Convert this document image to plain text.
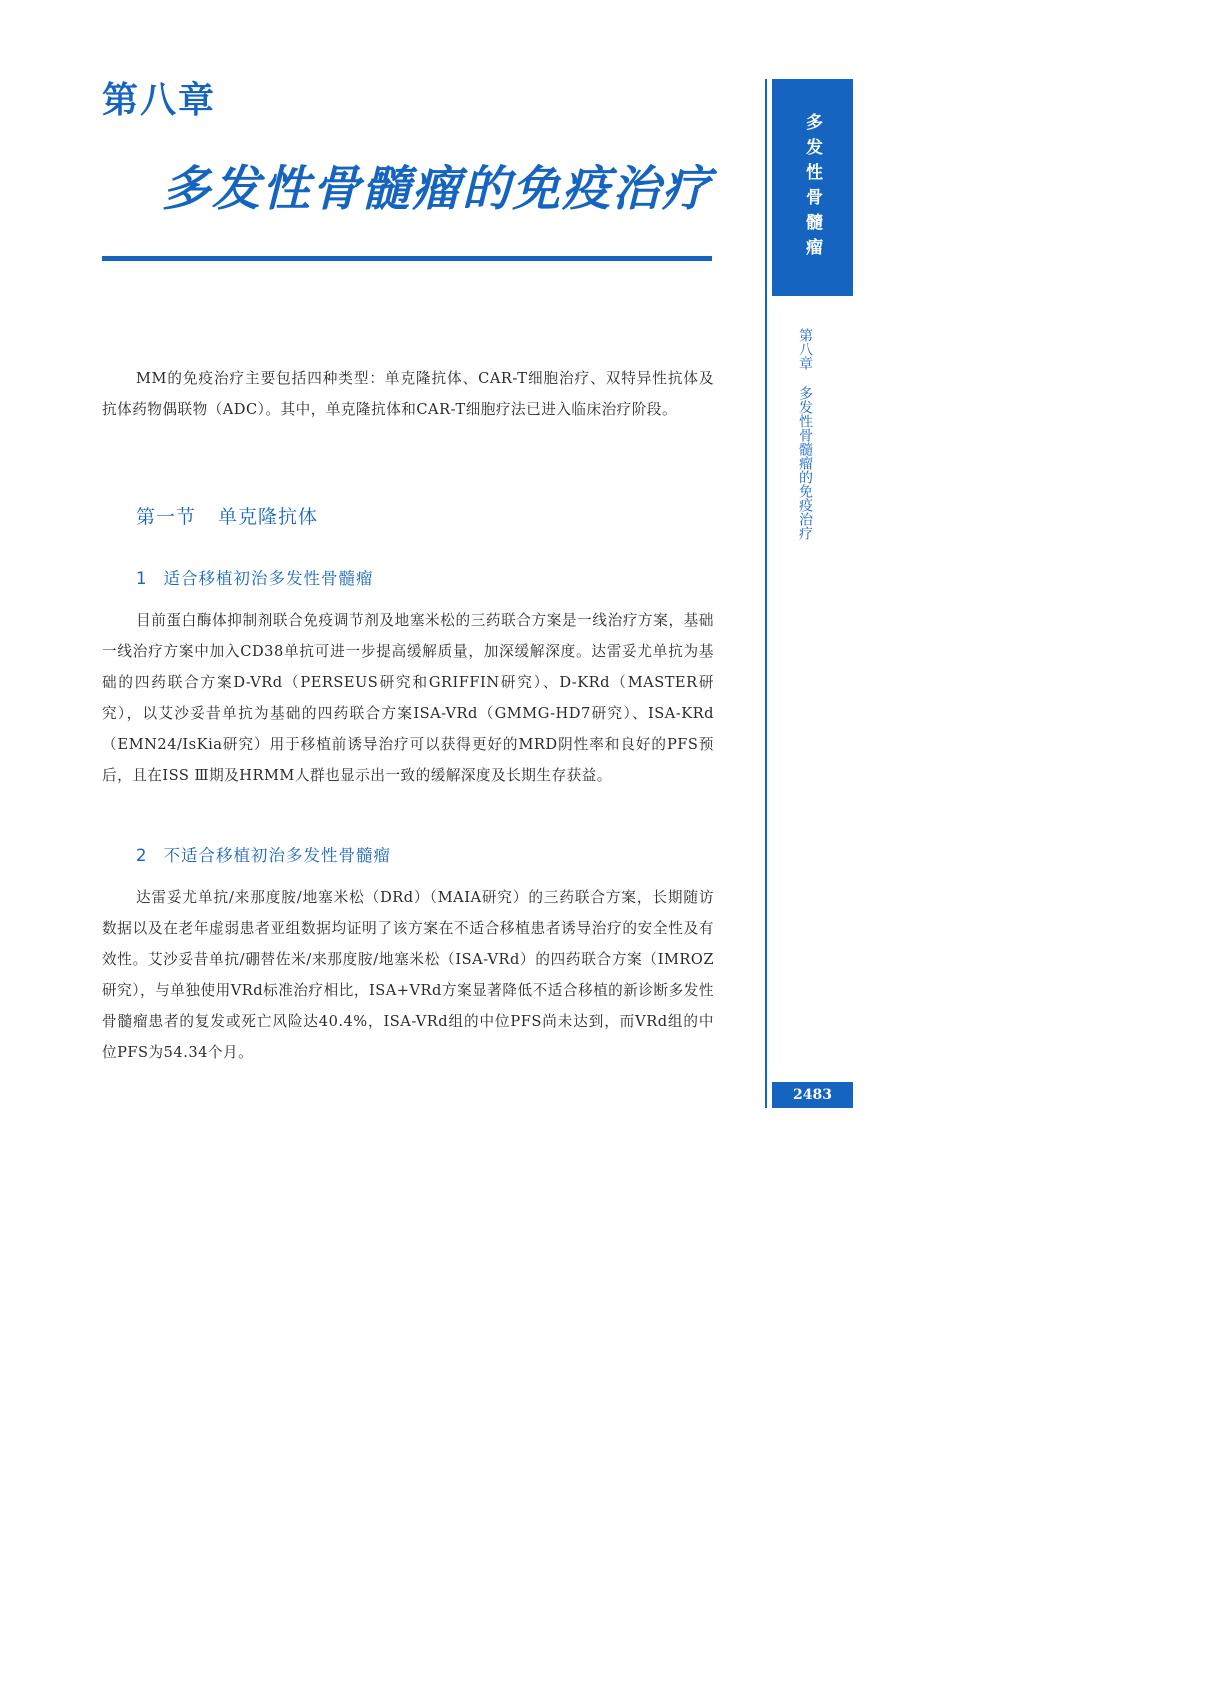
第八章
多发性骨髓瘤的免疫治疗	多发性骨髓瘤
第八章 多发性骨髓瘤的免疫治疗
2483

MM的免疫治疗主要包括四种类型：单克隆抗体、CAR-T细胞治疗、双特异性抗体及抗体药物偶联物（ADC）。其中，单克隆抗体和CAR-T细胞疗法已进入临床治疗阶段。

第一节 单克隆抗体
1 适合移植初治多发性骨髓瘤

目前蛋白酶体抑制剂联合免疫调节剂及地塞米松的三药联合方案是一线治疗方案，基础一线治疗方案中加入CD38单抗可进一步提高缓解质量，加深缓解深度。达雷妥尤单抗为基础的四药联合方案D-VRd（PERSEUS研究和GRIFFIN研究）、D-KRd（MASTER研究），以艾沙妥昔单抗为基础的四药联合方案ISA-VRd（GMMG-HD7研究）、ISA-KRd（EMN24/IsKia研究）用于移植前诱导治疗可以获得更好的MRD阴性率和良好的PFS预后，且在ISS Ⅲ期及HRMM人群也显示出一致的缓解深度及长期生存获益。

2 不适合移植初治多发性骨髓瘤

达雷妥尤单抗/来那度胺/地塞米松（DRd）（MAIA研究）的三药联合方案，长期随访数据以及在老年虚弱患者亚组数据均证明了该方案在不适合移植患者诱导治疗的安全性及有效性。艾沙妥昔单抗/硼替佐米/来那度胺/地塞米松（ISA-VRd）的四药联合方案（IMROZ研究），与单独使用VRd标准治疗相比，ISA+VRd方案显著降低不适合移植的新诊断多发性骨髓瘤患者的复发或死亡风险达40.4%，ISA-VRd组的中位PFS尚未达到，而VRd组的中位PFS为54.34个月。
